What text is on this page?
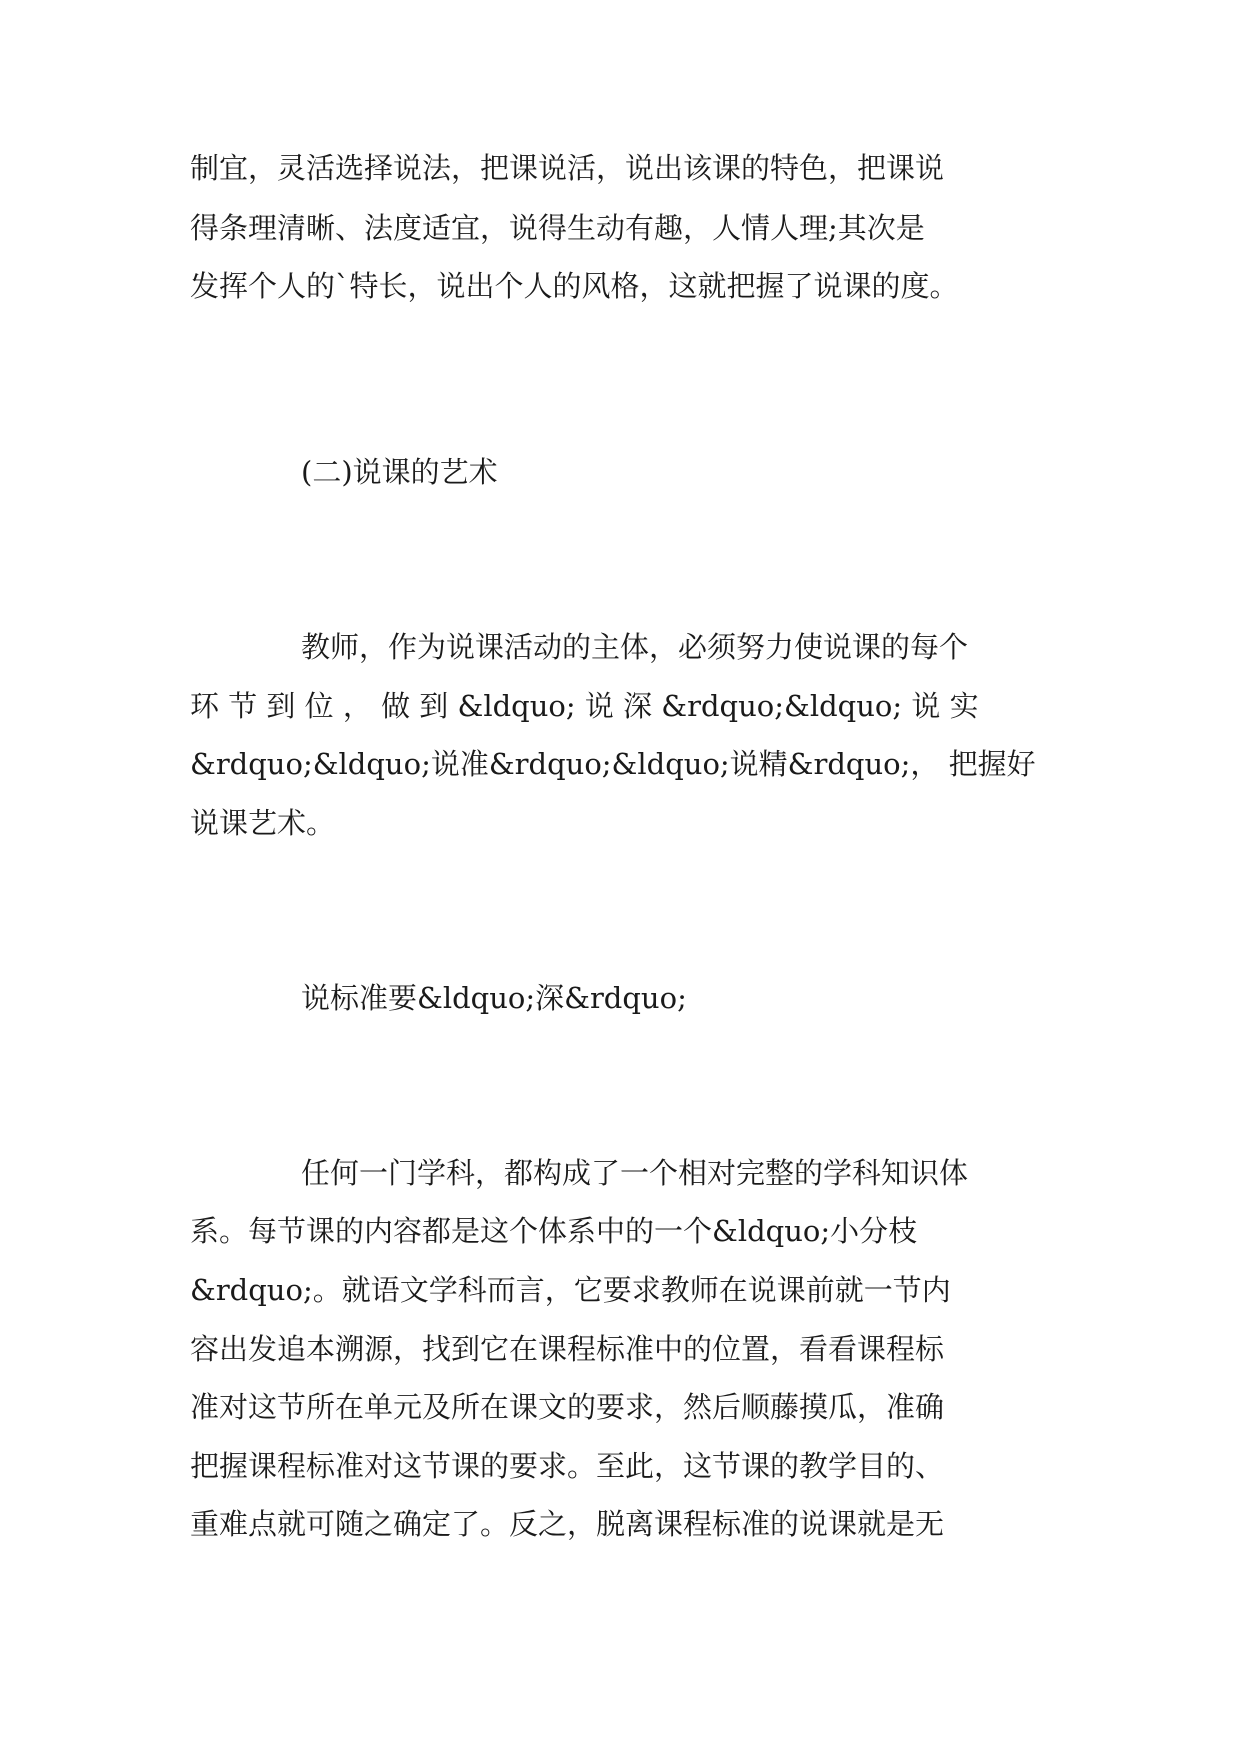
制宜，灵活选择说法，把课说活，说出该课的特色，把课说
得条理清晰、法度适宜，说得生动有趣，人情人理;其次是
发挥个人的`特长，说出个人的风格，这就把握了说课的度。
(二)说课的艺术
教师，作为说课活动的主体，必须努力使说课的每个
环 节 到 位 ， 做 到 &ldquo; 说 深 &rdquo;&ldquo; 说 实
&rdquo;&ldquo;说准&rdquo;&ldquo;说精&rdquo;， 把握好
说课艺术。
说标准要&ldquo;深&rdquo;
任何一门学科，都构成了一个相对完整的学科知识体
系。每节课的内容都是这个体系中的一个&ldquo;小分枝
&rdquo;。就语文学科而言，它要求教师在说课前就一节内
容出发追本溯源，找到它在课程标准中的位置，看看课程标
准对这节所在单元及所在课文的要求，然后顺藤摸瓜，准确
把握课程标准对这节课的要求。至此，这节课的教学目的、
重难点就可随之确定了。反之，脱离课程标准的说课就是无
